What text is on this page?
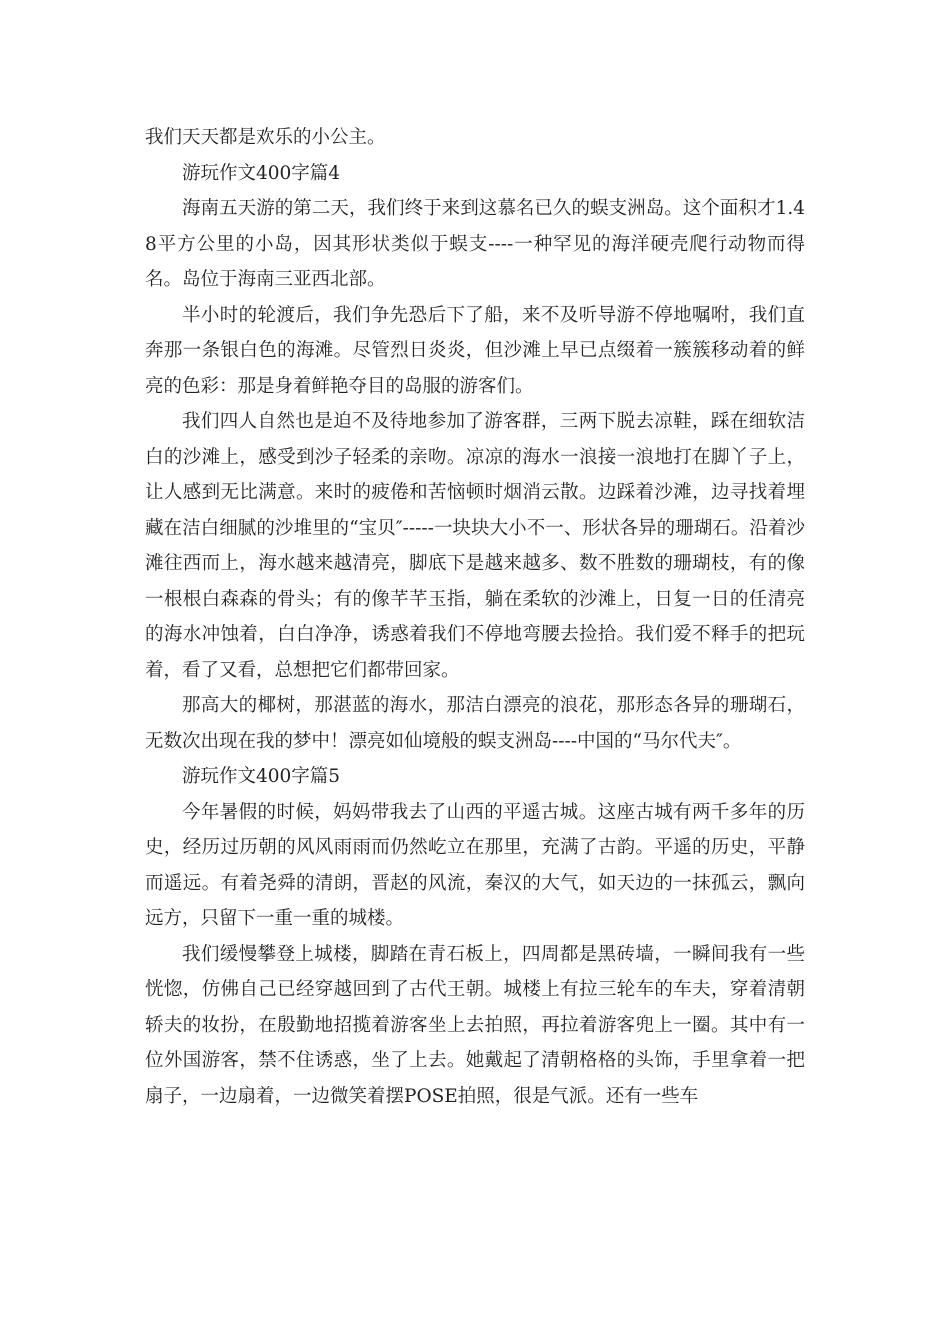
我们天天都是欢乐的小公主。

游玩作文400字篇4

海南五天游的第二天，我们终于来到这慕名已久的蜈支洲岛。这个面积才1.48平方公里的小岛，因其形状类似于蜈支----一种罕见的海洋硬壳爬行动物而得名。岛位于海南三亚西北部。

半小时的轮渡后，我们争先恐后下了船，来不及听导游不停地嘱咐，我们直奔那一条银白色的海滩。尽管烈日炎炎，但沙滩上早已点缀着一簇簇移动着的鲜亮的色彩：那是身着鲜艳夺目的岛服的游客们。

我们四人自然也是迫不及待地参加了游客群，三两下脱去凉鞋，踩在细软洁白的沙滩上，感受到沙子轻柔的亲吻。凉凉的海水一浪接一浪地打在脚丫子上，让人感到无比满意。来时的疲倦和苦恼顿时烟消云散。边踩着沙滩，边寻找着埋藏在洁白细腻的沙堆里的“宝贝″-----一块块大小不一、形状各异的珊瑚石。沿着沙滩往西而上，海水越来越清亮，脚底下是越来越多、数不胜数的珊瑚枝，有的像一根根白森森的骨头；有的像芊芊玉指，躺在柔软的沙滩上，日复一日的任清亮的海水冲蚀着，白白净净，诱惑着我们不停地弯腰去捡拾。我们爱不释手的把玩着，看了又看，总想把它们都带回家。

那高大的椰树，那湛蓝的海水，那洁白漂亮的浪花，那形态各异的珊瑚石，无数次出现在我的梦中！漂亮如仙境般的蜈支洲岛----中国的“马尔代夫″。

游玩作文400字篇5

今年暑假的时候，妈妈带我去了山西的平遥古城。这座古城有两千多年的历史，经历过历朝的风风雨雨而仍然屹立在那里，充满了古韵。平遥的历史，平静而遥远。有着尧舜的清朗，晋赵的风流，秦汉的大气，如天边的一抹孤云，飘向远方，只留下一重一重的城楼。

我们缓慢攀登上城楼，脚踏在青石板上，四周都是黑砖墙，一瞬间我有一些恍惚，仿佛自己已经穿越回到了古代王朝。城楼上有拉三轮车的车夫，穿着清朝轿夫的妆扮，在殷勤地招揽着游客坐上去拍照，再拉着游客兜上一圈。其中有一位外国游客，禁不住诱惑，坐了上去。她戴起了清朝格格的头饰，手里拿着一把扇子，一边扇着，一边微笑着摆POSE拍照，很是气派。还有一些车
